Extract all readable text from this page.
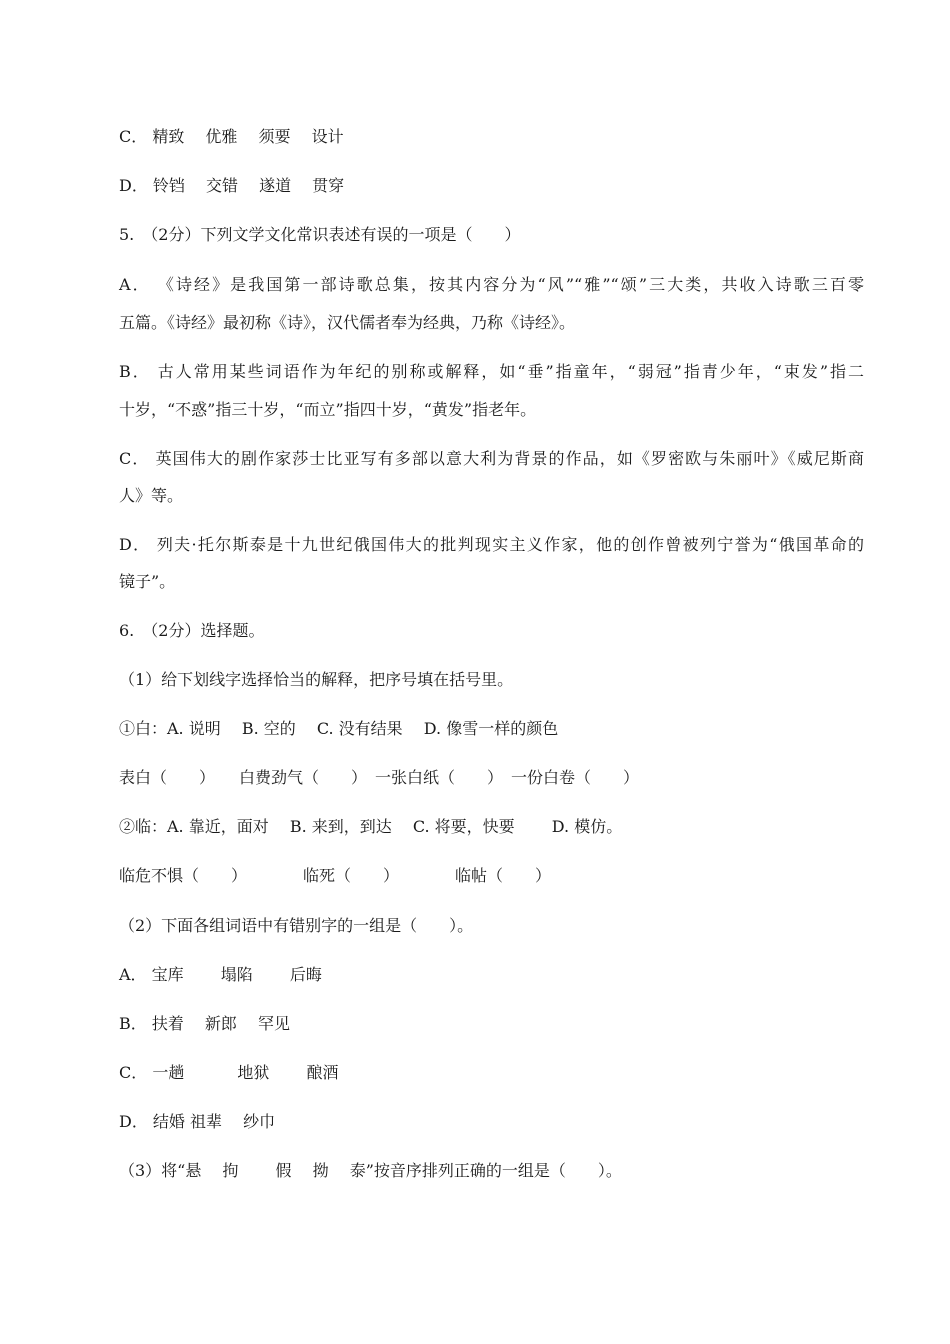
C． 精致　 优雅　 须要　 设计
D． 铃铛　 交错　 遂道　 贯穿
5.　（2分）下列文学文化常识表述有误的一项是（　　）
A． 《诗经》是我国第一部诗歌总集，按其内容分为“风”“雅”“颂”三大类，共收入诗歌三百零
五篇。《诗经》最初称《诗》，汉代儒者奉为经典，乃称《诗经》。
B． 古人常用某些词语作为年纪的别称或解释，如“垂”指童年，“弱冠”指青少年，“束发”指二
十岁，“不惑”指三十岁，“而立”指四十岁，“黄发”指老年。
C． 英国伟大的剧作家莎士比亚写有多部以意大利为背景的作品，如《罗密欧与朱丽叶》《威尼斯商
人》等。
D． 列夫·托尔斯泰是十九世纪俄国伟大的批判现实主义作家，他的创作曾被列宁誉为“俄国革命的
镜子”。
6.　（2分）选择题。
（1）给下划线字选择恰当的解释，把序号填在括号里。
①白：A. 说明　 B. 空的　 C. 没有结果　 D. 像雪一样的颜色
表白（　　）　　白费劲气（　　）　一张白纸（　　）　一份白卷（　　）
②临：A. 靠近，面对　 B. 来到，到达　 C. 将要，快要　　 D. 模仿。
临危不惧（　　）　　　　临死（　　）　　　　临帖（　　）
（2）下面各组词语中有错别字的一组是（　　）。
A． 宝库　　 塌陷　　 后晦
B． 扶着　 新郎　 罕见
C． 一趟　　　 地狱　　 酿酒
D． 结婚 祖辈　 纱巾
（3）将“悬　 拘　　 假　 拗　 泰”按音序排列正确的一组是（　　）。
